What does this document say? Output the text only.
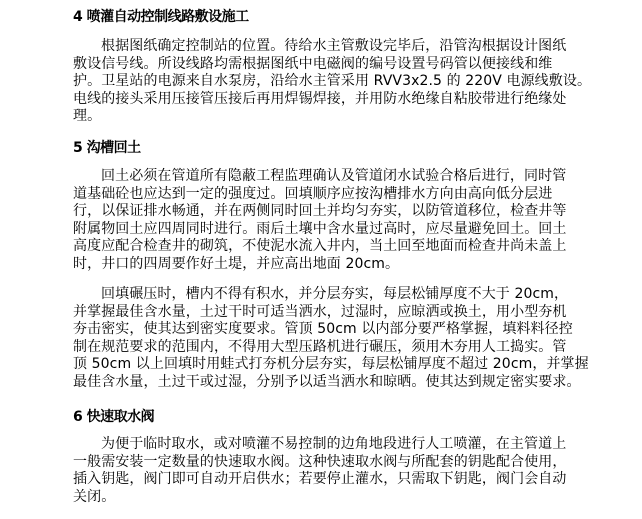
4 喷灌自动控制线路敷设施工
根据图纸确定控制站的位置。待给水主管敷设完毕后，沿管沟根据设计图纸
敷设信号线。所设线路均需根据图纸中电磁阀的编号设置号码管以便接线和维
护。卫星站的电源来自水泵房，沿给水主管采用 RVV3x2.5 的 220V 电源线敷设。
电线的接头采用压接管压接后再用焊锡焊接，并用防水绝缘自粘胶带进行绝缘处
理。
5 沟槽回土
回土必须在管道所有隐蔽工程监理确认及管道闭水试验合格后进行，同时管
道基础砼也应达到一定的强度过。回填顺序应按沟槽排水方向由高向低分层进
行，以保证排水畅通，并在两侧同时回土并均匀夯实，以防管道移位，检查井等
附属物回土应四周同时进行。雨后土壤中含水量过高时，应尽量避免回土。回土
高度应配合检查井的砌筑，不使泥水流入井内，当土回至地面而检查井尚未盖上
时，井口的四周要作好土堤，并应高出地面 20cm。
回填碾压时，槽内不得有积水，并分层夯实，每层松铺厚度不大于 20cm，
并掌握最佳含水量，土过干时可适当洒水，过湿时，应晾洒或换土，用小型夯机
夯击密实，使其达到密实度要求。管顶 50cm 以内部分要严格掌握，填料料径控
制在规范要求的范围内，不得用大型压路机进行碾压，须用木夯用人工捣实。管
顶 50cm 以上回填时用蛙式打夯机分层夯实，每层松铺厚度不超过 20cm，并掌握
最佳含水量，土过干或过湿，分别予以适当洒水和晾晒。使其达到规定密实要求。
6 快速取水阀
为便于临时取水，或对喷灌不易控制的边角地段进行人工喷灌，在主管道上
一般需安装一定数量的快速取水阀。这种快速取水阀与所配套的钥匙配合使用，
插入钥匙，阀门即可自动开启供水；若要停止灌水，只需取下钥匙，阀门会自动
关闭。
